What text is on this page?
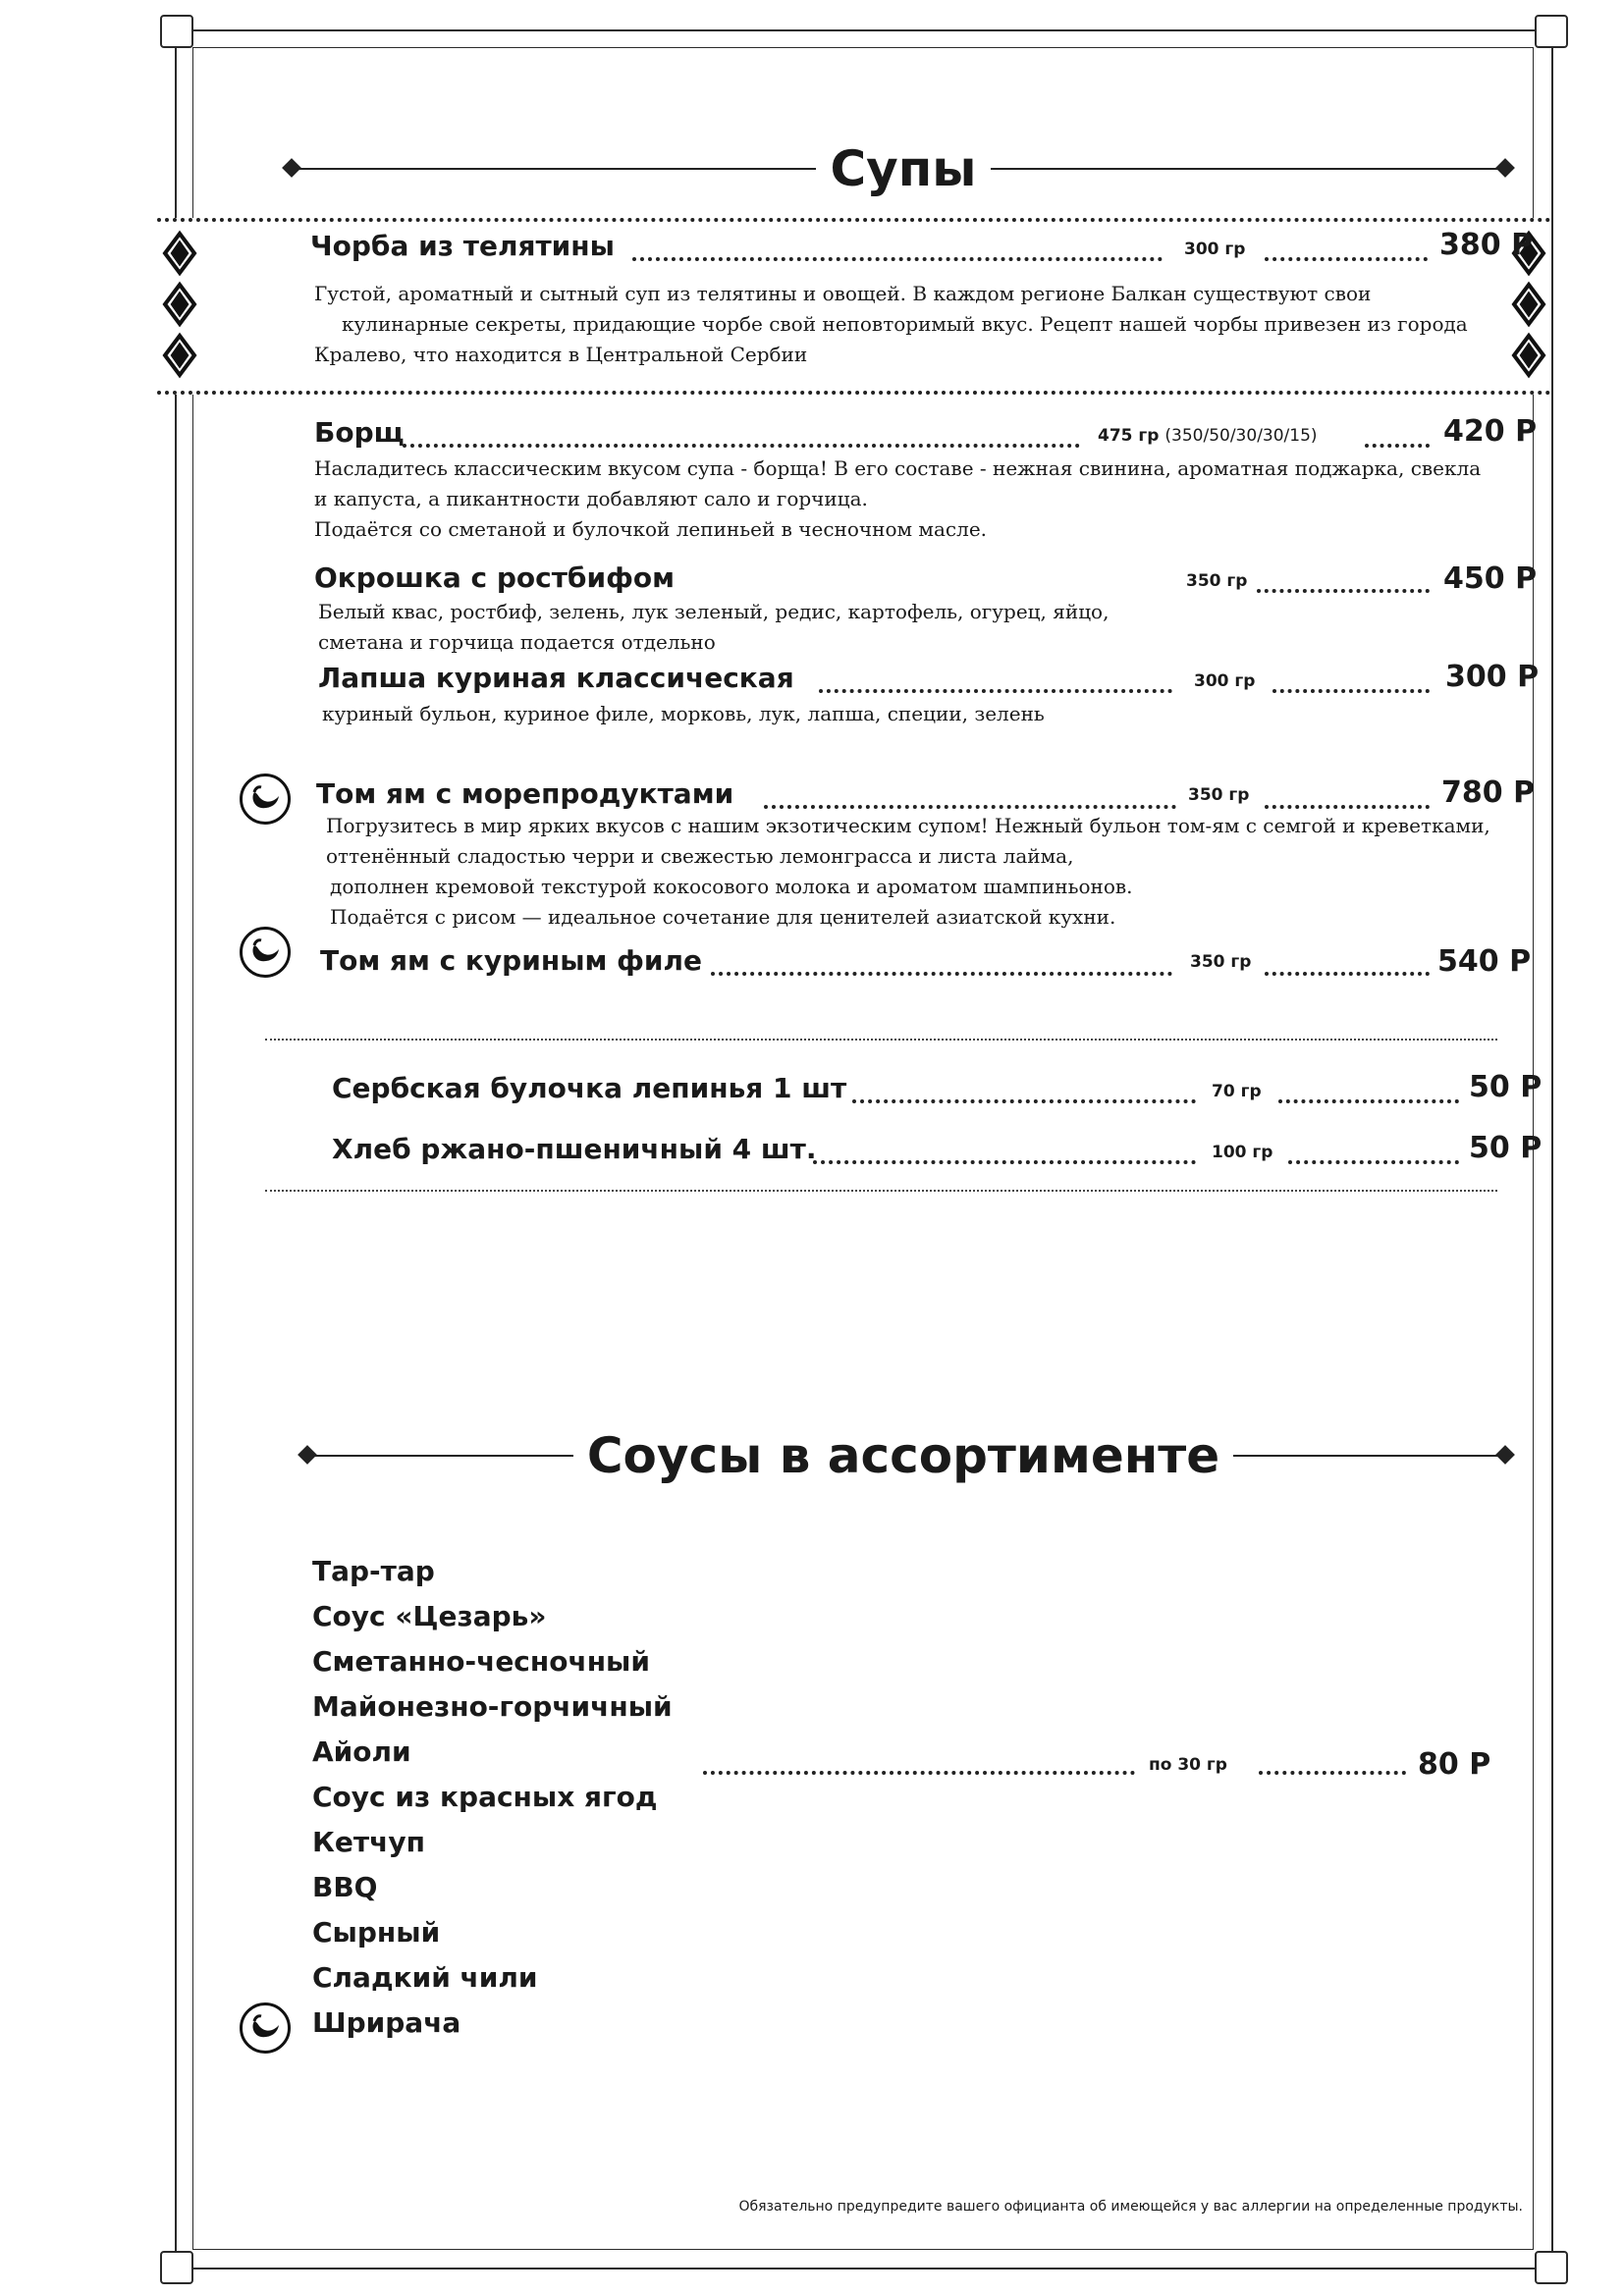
Супы
Чорба из телятины	300 гр	380 Р
Густой, ароматный и сытный суп из телятины и овощей. В каждом регионе Балкан существуют свои
кулинарные секреты, придающие чорбе свой неповторимый вкус. Рецепт нашей чорбы привезен из города
Кралево, что находится в Центральной Сербии
Борщ	475 гр (350/50/30/30/15)	420 Р
Насладитесь классическим вкусом супа - борща! В его составе - нежная свинина, ароматная поджарка, свекла
и капуста, а пикантности добавляют сало и горчица.
Подаётся со сметаной и булочкой лепиньей в чесночном масле.
Окрошка с ростбифом	350 гр	450 Р
Белый квас, ростбиф, зелень, лук зеленый, редис, картофель, огурец, яйцо,
сметана и горчица подается отдельно
Лапша куриная классическая	300 гр	300 Р
куриный бульон, куриное филе, морковь, лук, лапша, специи, зелень
Том ям с морепродуктами	350 гр	780 Р
Погрузитесь в мир ярких вкусов с нашим экзотическим супом! Нежный бульон том-ям с семгой и креветками,
оттенённый сладостью черри и свежестью лемонграсса и листа лайма,
дополнен кремовой текстурой кокосового молока и ароматом шампиньонов.
Подаётся с рисом — идеальное сочетание для ценителей азиатской кухни.
Том ям с куриным филе	350 гр	540 Р
Сербская булочка лепинья 1 шт	70 гр	50 Р
Хлеб ржано-пшеничный 4 шт.	100 гр	50 Р
Соусы в ассортименте
Тар-тар
Соус «Цезарь»
Сметанно-чесночный
Майонезно-горчичный
Айоли
Соус из красных ягод
Кетчуп
BBQ
Сырный
Сладкий чили
Шрирача
по 30 гр	80 Р
Обязательно предупредите вашего официанта об имеющейся у вас аллергии на определенные продукты.
